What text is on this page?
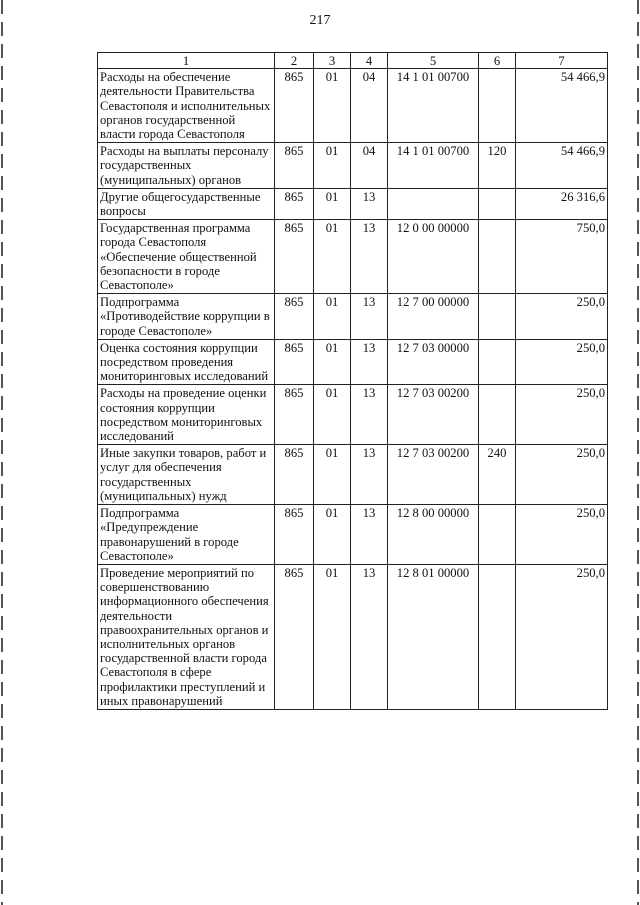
217
1	2	3	4	5	6	7
Расходы на обеспечение деятельности Правительства Севастополя и исполнительных органов государственной власти города Севастополя	865	01	04	14 1 01 00700		54 466,9
Расходы на выплаты персоналу государственных (муниципальных) органов	865	01	04	14 1 01 00700	120	54 466,9
Другие общегосударственные вопросы	865	01	13			26 316,6
Государственная программа города Севастополя «Обеспечение общественной безопасности в городе Севастополе»	865	01	13	12 0 00 00000		750,0
Подпрограмма «Противодействие коррупции в городе Севастополе»	865	01	13	12 7 00 00000		250,0
Оценка состояния коррупции посредством проведения мониторинговых исследований	865	01	13	12 7 03 00000		250,0
Расходы на проведение оценки состояния коррупции посредством мониторинговых исследований	865	01	13	12 7 03 00200		250,0
Иные закупки товаров, работ и услуг для обеспечения государственных (муниципальных) нужд	865	01	13	12 7 03 00200	240	250,0
Подпрограмма «Предупреждение правонарушений в городе Севастополе»	865	01	13	12 8 00 00000		250,0
Проведение мероприятий по совершенствованию информационного обеспечения деятельности правоохранительных органов и исполнительных органов государственной власти города Севастополя в сфере профилактики преступлений и иных правонарушений	865	01	13	12 8 01 00000		250,0
